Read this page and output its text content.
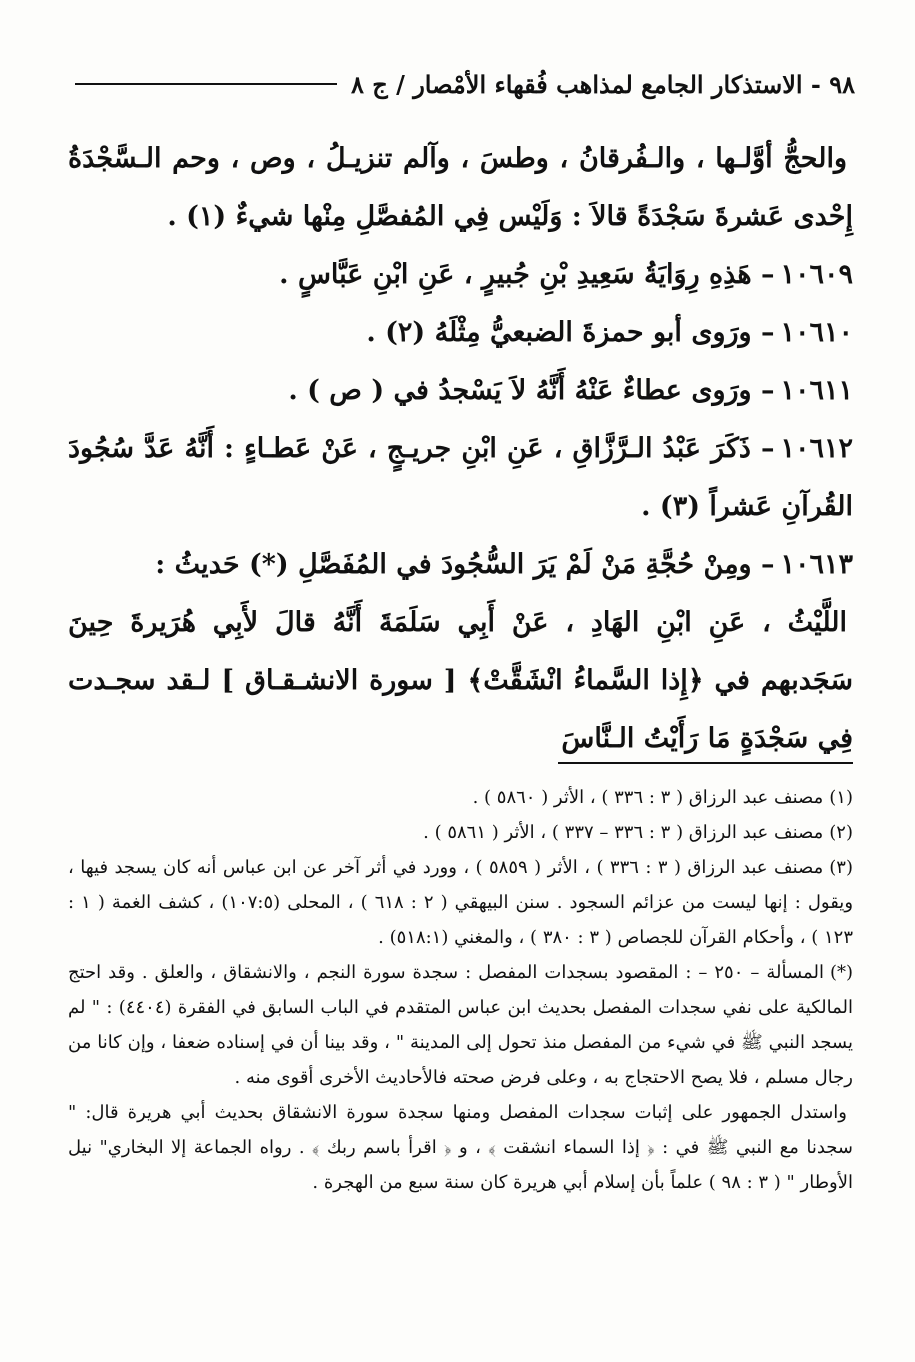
٩٨ - الاستذكار الجامع لمذاهب فُقهاء الأمْصار / ج ٨

والحجُّ أوَّلـها ، والـفُرقانُ ، وطسَ ، وآلم تنزيـلُ ، وص ، وحم الـسَّجْدَةُ إِحْدى عَشرةَ سَجْدَةً قالاَ : وَلَيْس فِي المُفصَّلِ مِنْها شيءٌ (١) .

١٠٦٠٩– هَذِهِ رِوَايَةُ سَعِيدِ بْنِ جُبيرٍ ، عَنِ ابْنِ عَبَّاسٍ .

١٠٦١٠– ورَوى أبو حمزةَ الضبعيُّ مِثْلَهُ (٢) .

١٠٦١١– ورَوى عطاءٌ عَنْهُ أَنَّهُ لاَ يَسْجدُ في ( ص ) .

١٠٦١٢– ذَكَرَ عَبْدُ الـرَّزَّاقِ ، عَنِ ابْنِ جريـجٍ ، عَنْ عَطـاءٍ : أَنَّهُ عَدَّ سُجُودَ القُرآنِ عَشراً (٣) .

١٠٦١٣– ومِنْ حُجَّةِ مَنْ لَمْ يَرَ السُّجُودَ في المُفَصَّلِ (*) حَديثُ :

اللَّيْثُ ، عَنِ ابْنِ الهَادِ ، عَنْ أَبِي سَلَمَةَ أَنَّهُ قالَ لأَبِي هُرَيرةَ حِينَ سَجَدبهم في ﴿إِذا السَّماءُ انْشَقَّتْ﴾ [ سورة الانشـقـاق ] لـقد سجـدت فِي سَجْدَةٍ مَا رَأَيْتُ الـنَّاسَ

(١)مصنف عبد الرزاق ( ٣ : ٣٣٦ ) ، الأثر ( ٥٨٦٠ ) .

(٢)مصنف عبد الرزاق ( ٣ : ٣٣٦ – ٣٣٧ ) ، الأثر ( ٥٨٦١ ) .

(٣)مصنف عبد الرزاق ( ٣ : ٣٣٦ ) ، الأثر ( ٥٨٥٩ ) ، وورد في أثر آخر عن ابن عباس أنه كان يسجد فيها ، ويقول : إنها ليست من عزائم السجود . سنن البيهقي ( ٢ : ٦١٨ ) ، المحلى (١٠٧:٥) ، كشف الغمة ( ١ : ١٢٣ ) ، وأحكام القرآن للجصاص ( ٣ : ٣٨٠ ) ، والمغني (٥١٨:١) .

(*)المسألة – ٢٥٠ – : المقصود بسجدات المفصل : سجدة سورة النجم ، والانشقاق ، والعلق . وقد احتج المالكية على نفي سجدات المفصل بحديث ابن عباس المتقدم في الباب السابق في الفقرة (٤٤٠٤) : " لم يسجد النبي ﷺ في شيء من المفصل منذ تحول إلى المدينة " ، وقد بينا أن في إسناده ضعفا ، وإن كانا من رجال مسلم ، فلا يصح الاحتجاج به ، وعلى فرض صحته فالأحاديث الأخرى أقوى منه .

واستدل الجمهور على إثبات سجدات المفصل ومنها سجدة سورة الانشقاق بحديث أبي هريرة قال: " سجدنا مع النبي ﷺ في : ﴿ إذا السماء انشقت ﴾ ، و ﴿ اقرأ باسم ربك ﴾ . رواه الجماعة إلا البخاري" نيل الأوطار " ( ٣ : ٩٨ ) علماً بأن إسلام أبي هريرة كان سنة سبع من الهجرة .
